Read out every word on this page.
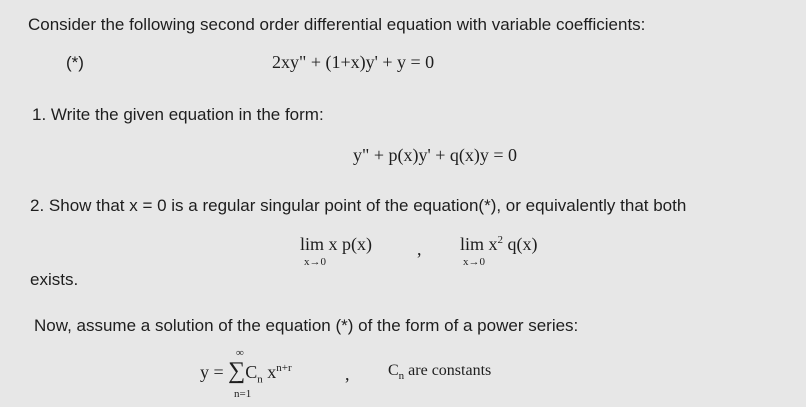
Consider the following second order differential equation with variable coefficients:
(*)	2xy" + (1+x)y' + y = 0
1. Write the given equation in the form:
y" + p(x)y' + q(x)y = 0
2. Show that x = 0 is a regular singular point of the equation(*), or equivalently that both
lim x p(x)
x→0
, $\lim x^2$ q(x)
x→0
exists.
Now, assume a solution of the equation (*) of the form of a power series:
∞
$y = \sum C_n$ $x^{n+r}$
n=1
, $C_n$ are constants
